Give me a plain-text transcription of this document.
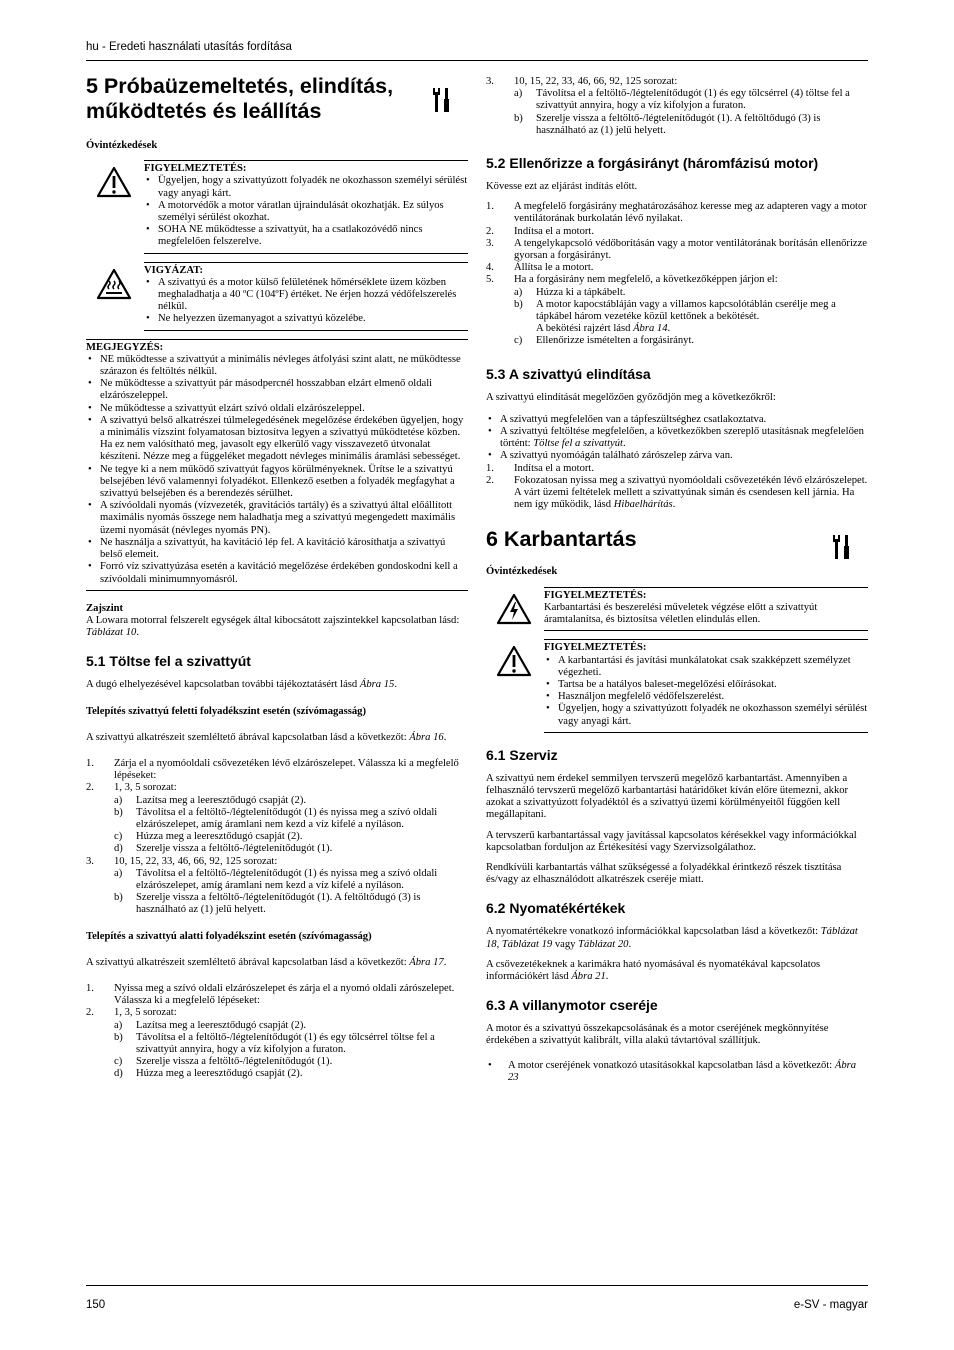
hu - Eredeti használati utasítás fordítása
5 Próbaüzemeltetés, elindítás, működtetés és leállítás
Óvintézkedések
FIGYELMEZTETÉS:
• Ügyeljen, hogy a szivattyúzott folyadék ne okozhasson személyi sérülést vagy anyagi kárt.
• A motorvédők a motor váratlan újraindulását okozhatják. Ez súlyos személyi sérülést okozhat.
• SOHA NE működtesse a szivattyút, ha a csatlakozóvédő nincs megfelelően felszerelve.
VIGYÁZAT:
• A szivattyú és a motor külső felületének hőmérséklete üzem közben meghaladhatja a 40 ºC (104ºF) értéket. Ne érjen hozzá védőfelszerelés nélkül.
• Ne helyezzen üzemanyagot a szivattyú közelébe.
MEGJEGYZÉS:
• NE működtesse a szivattyút a minimális névleges átfolyási szint alatt, ne működtesse szárazon és feltöltés nélkül.
• Ne működtesse a szivattyút pár másodpercnél hosszabban elzárt elmenő oldali elzárószeleppel.
• Ne működtesse a szivattyút elzárt szívó oldali elzárószeleppel.
• A szivattyú belső alkatrészei túlmelegedésének megelőzése érdekében ügyeljen, hogy a minimális vízszint folyamatosan biztosítva legyen a szivattyú működtetése közben. Ha ez nem valósítható meg, javasolt egy elkerülő vagy visszavezető útvonalat készíteni. Nézze meg a függeléket megadott névleges minimális áramlási sebességet.
• Ne tegye ki a nem működő szivattyút fagyos körülményeknek. Ürítse le a szivattyú belsejében lévő valamennyi folyadékot. Ellenkező esetben a folyadék megfagyhat a szivattyú belsejében és a berendezés sérülhet.
• A szívóoldali nyomás (vízvezeték, gravitációs tartály) és a szivattyú által előállított maximális nyomás összege nem haladhatja meg a szivattyú megengedett maximális üzemi nyomását (névleges nyomás PN).
• Ne használja a szivattyút, ha kavitáció lép fel. A kavitáció károsíthatja a szivattyú belső elemeit.
• Forró víz szivattyúzása esetén a kavitáció megelőzése érdekében gondoskodni kell a szívóoldali minimumnyomásról.
Zajszint
A Lowara motorral felszerelt egységek által kibocsátott zajszintekkel kapcsolatban lásd: Táblázat 10.
5.1 Töltse fel a szivattyút
A dugó elhelyezésével kapcsolatban további tájékoztatásért lásd Ábra 15.
Telepítés szivattyú feletti folyadékszint esetén (szívómagasság)
A szivattyú alkatrészeit szemléltető ábrával kapcsolatban lásd a következőt: Ábra 16.
1.	Zárja el a nyomóoldali csővezetéken lévő elzárószelepet. Válassza ki a megfelelő lépéseket:
2.	1, 3, 5 sorozat:
a)	Lazítsa meg a leeresztődugó csapját (2).
b)	Távolítsa el a feltöltő-/légtelenítődugót (1) és nyissa meg a szívó oldali elzárószelepet, amíg áramlani nem kezd a víz kifelé a nyíláson.
c)	Húzza meg a leeresztődugó csapját (2).
d)	Szerelje vissza a feltöltő-/légtelenítődugót (1).
3.	10, 15, 22, 33, 46, 66, 92, 125 sorozat:
a)	Távolítsa el a feltöltő-/légtelenítődugót (1) és nyissa meg a szívó oldali elzárószelepet, amíg áramlani nem kezd a víz kifelé a nyíláson.
b)	Szerelje vissza a feltöltő-/légtelenítődugót (1). A feltöltődugó (3) is használható az (1) jelű helyett.
Telepítés a szivattyú alatti folyadékszint esetén (szívómagasság)
A szivattyú alkatrészeit szemléltető ábrával kapcsolatban lásd a következőt: Ábra 17.
1.	Nyissa meg a szívó oldali elzárószelepet és zárja el a nyomó oldali zárószelepet. Válassza ki a megfelelő lépéseket:
2.	1, 3, 5 sorozat:
a)	Lazítsa meg a leeresztődugó csapját (2).
b)	Távolítsa el a feltöltő-/légtelenítődugót (1) és egy tölcsérrel töltse fel a szivattyút annyira, hogy a víz kifolyjon a furaton.
c)	Szerelje vissza a feltöltő-/légtelenítődugót (1).
d)	Húzza meg a leeresztődugó csapját (2).
3.	10, 15, 22, 33, 46, 66, 92, 125 sorozat:
a)	Távolítsa el a feltöltő-/légtelenítődugót (1) és egy tölcsérrel (4) töltse fel a szivattyút annyira, hogy a víz kifolyjon a furaton.
b)	Szerelje vissza a feltöltő-/légtelenítődugót (1). A feltöltődugó (3) is használható az (1) jelű helyett.
5.2 Ellenőrizze a forgásirányt (háromfázisú motor)
Kövesse ezt az eljárást indítás előtt.
1.	A megfelelő forgásirány meghatározásához keresse meg az adapteren vagy a motor ventilátorának burkolatán lévő nyilakat.
2.	Indítsa el a motort.
3.	A tengelykapcsoló védőborításán vagy a motor ventilátorának borításán ellenőrizze gyorsan a forgásirányt.
4.	Állítsa le a motort.
5.	Ha a forgásirány nem megfelelő, a következőképpen járjon el:
a)	Húzza ki a tápkábelt.
b)	A motor kapocstábláján vagy a villamos kapcsolótáblán cserélje meg a tápkábel három vezetéke közül kettőnek a bekötését.
A bekötési rajzért lásd Ábra 14.
c)	Ellenőrizze ismételten a forgásirányt.
5.3 A szivattyú elindítása
A szivattyú elindítását megelőzően győződjön meg a következőkről:
• A szivattyú megfelelően van a tápfeszültséghez csatlakoztatva.
• A szivattyú feltöltése megfelelően, a következőkben szereplő utasításnak megfelelően történt: Töltse fel a szivattyút.
• A szivattyú nyomóágán található zárószelep zárva van.
1.	Indítsa el a motort.
2.	Fokozatosan nyissa meg a szivattyú nyomóoldali csővezetékén lévő elzárószelepet.
A várt üzemi feltételek mellett a szivattyúnak simán és csendesen kell járnia. Ha nem így működik, lásd Hibaelhárítás.
6 Karbantartás
Óvintézkedések
FIGYELMEZTETÉS:
Karbantartási és beszerelési műveletek végzése előtt a szivattyút áramtalanítsa, és biztosítsa véletlen elindulás ellen.
FIGYELMEZTETÉS:
• A karbantartási és javítási munkálatokat csak szakképzett személyzet végezheti.
• Tartsa be a hatályos baleset-megelőzési előírásokat.
• Használjon megfelelő védőfelszerelést.
• Ügyeljen, hogy a szivattyúzott folyadék ne okozhasson személyi sérülést vagy anyagi kárt.
6.1 Szerviz
A szivattyú nem érdekel semmilyen tervszerű megelőző karbantartást. Amennyiben a felhasználó tervszerű megelőző karbantartási határidőket kíván előre ütemezni, akkor azokat a szivattyúzott folyadéktól és a szivattyú üzemi körülményeitől függően kell megállapítani.
A tervszerű karbantartással vagy javítással kapcsolatos kérésekkel vagy információkkal kapcsolatban forduljon az Értékesítési vagy Szervizsolgálathoz.
Rendkívüli karbantartás válhat szükségessé a folyadékkal érintkező részek tisztítása és/vagy az elhasználódott alkatrészek cseréje miatt.
6.2 Nyomatékértékek
A nyomatértékekre vonatkozó információkkal kapcsolatban lásd a következőt: Táblázat 18, Táblázat 19 vagy Táblázat 20.
A csővezetékeknek a karimákra ható nyomásával és nyomatékával kapcsolatos információkért lásd Ábra 21.
6.3 A villanymotor cseréje
A motor és a szivattyú összekapcsolásának és a motor cseréjének megkönnyítése érdekében a szivattyút kalibrált, villa alakú távtartóval szállítjuk.
• A motor cseréjének vonatkozó utasításokkal kapcsolatban lásd a következőt: Ábra 23
150	e-SV - magyar
